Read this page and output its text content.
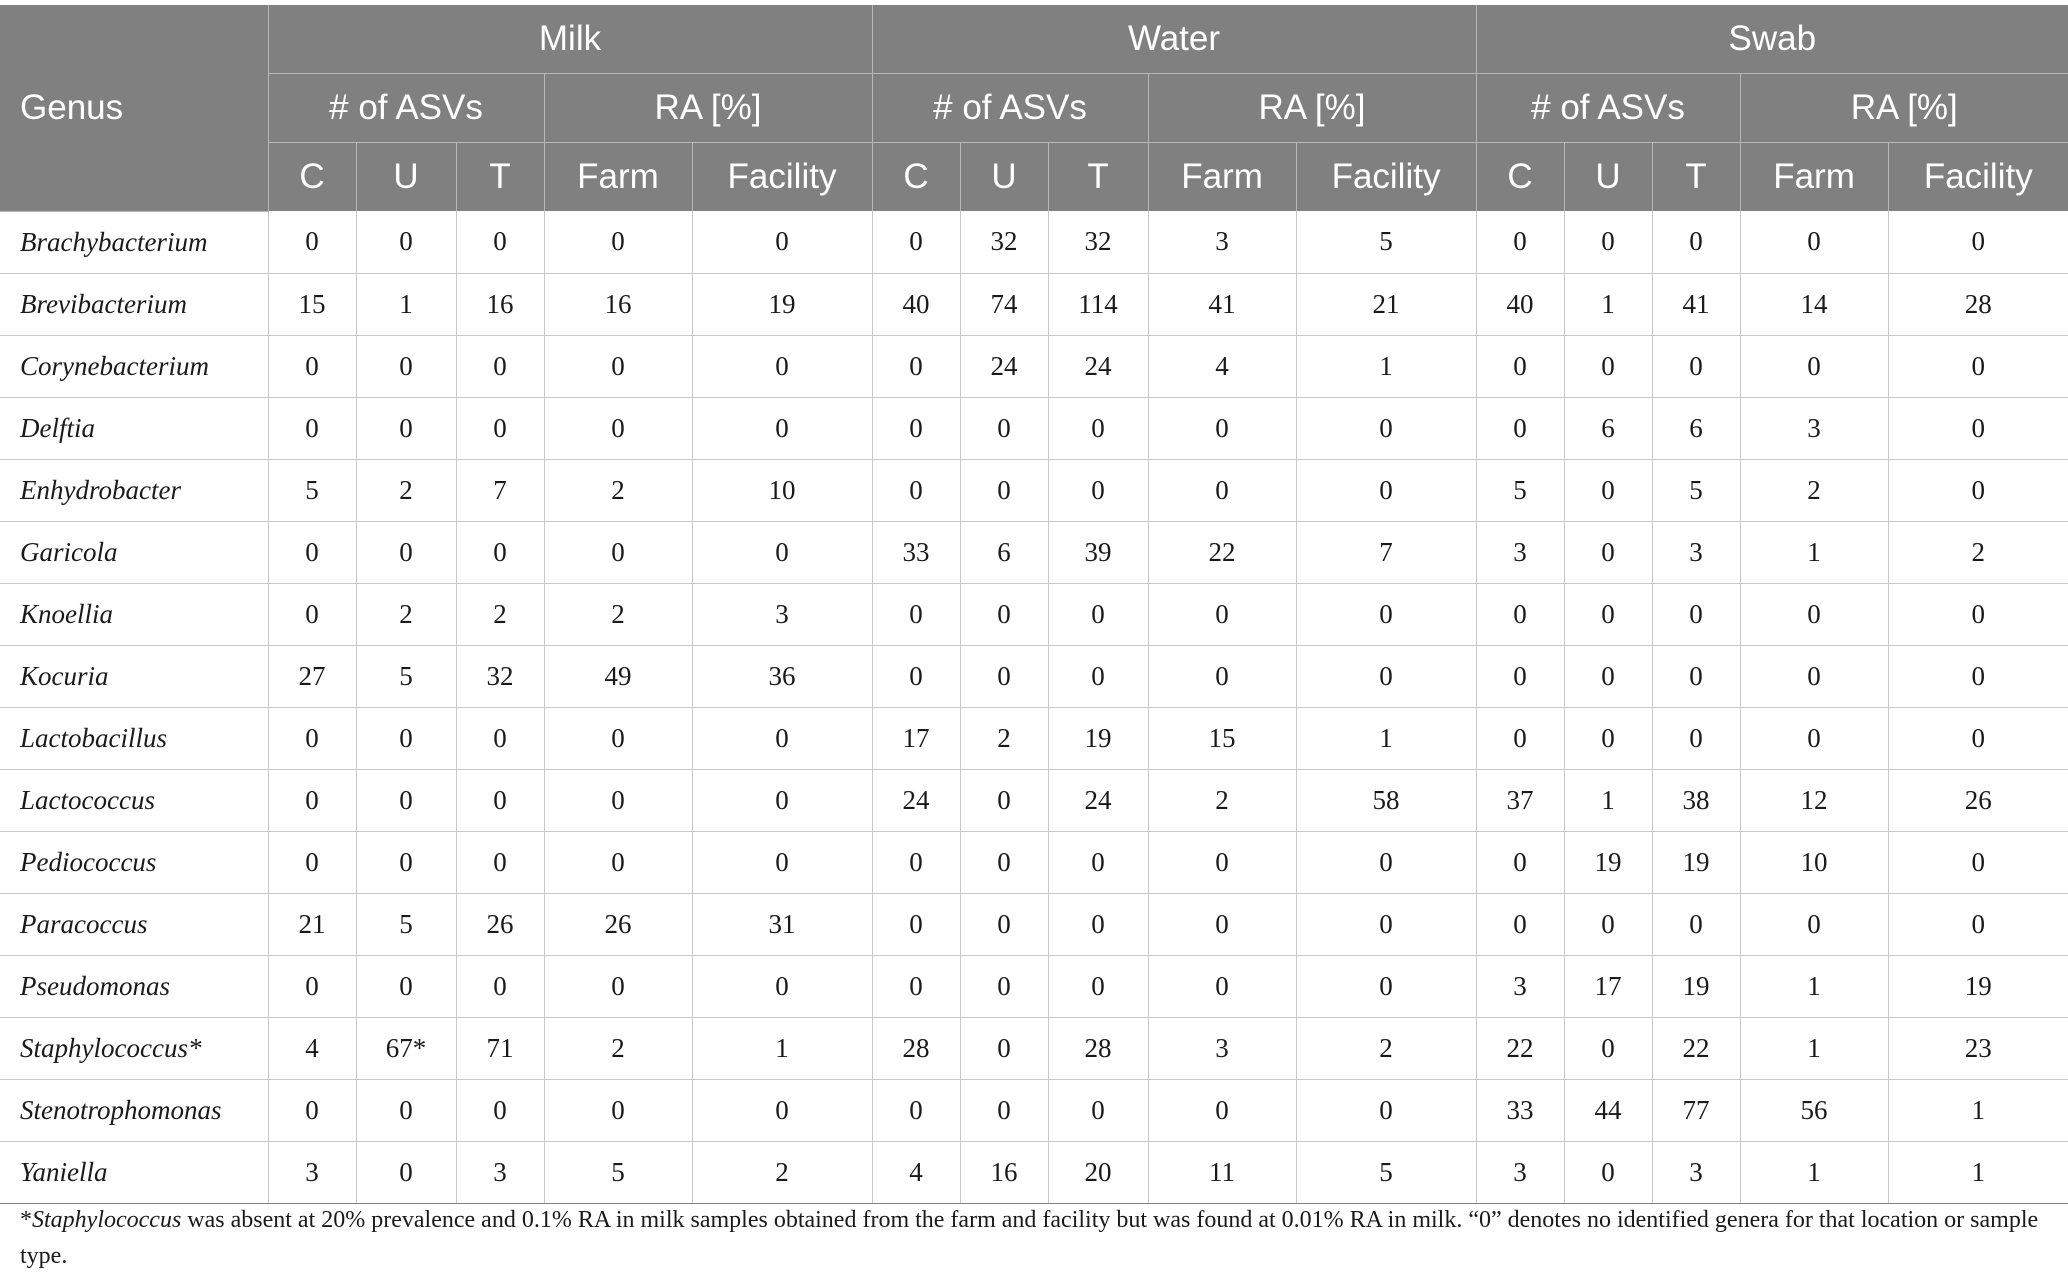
Genus	Milk					Water					Swab				
	# of ASVs			RA [%]		# of ASVs			RA [%]		# of ASVs			RA [%]	
	C	U	T	Farm	Facility	C	U	T	Farm	Facility	C	U	T	Farm	Facility
Brachybacterium	0	0	0	0	0	0	32	32	3	5	0	0	0	0	0
Brevibacterium	15	1	16	16	19	40	74	114	41	21	40	1	41	14	28
Corynebacterium	0	0	0	0	0	0	24	24	4	1	0	0	0	0	0
Delftia	0	0	0	0	0	0	0	0	0	0	0	6	6	3	0
Enhydrobacter	5	2	7	2	10	0	0	0	0	0	5	0	5	2	0
Garicola	0	0	0	0	0	33	6	39	22	7	3	0	3	1	2
Knoellia	0	2	2	2	3	0	0	0	0	0	0	0	0	0	0
Kocuria	27	5	32	49	36	0	0	0	0	0	0	0	0	0	0
Lactobacillus	0	0	0	0	0	17	2	19	15	1	0	0	0	0	0
Lactococcus	0	0	0	0	0	24	0	24	2	58	37	1	38	12	26
Pediococcus	0	0	0	0	0	0	0	0	0	0	0	19	19	10	0
Paracoccus	21	5	26	26	31	0	0	0	0	0	0	0	0	0	0
Pseudomonas	0	0	0	0	0	0	0	0	0	0	3	17	19	1	19
Staphylococcus*	4	67*	71	2	1	28	0	28	3	2	22	0	22	1	23
Stenotrophomonas	0	0	0	0	0	0	0	0	0	0	33	44	77	56	1
Yaniella	3	0	3	5	2	4	16	20	11	5	3	0	3	1	1
*Staphylococcus was absent at 20% prevalence and 0.1% RA in milk samples obtained from the farm and facility but was found at 0.01% RA in milk. “0” denotes no identified genera for that location or sample type.
